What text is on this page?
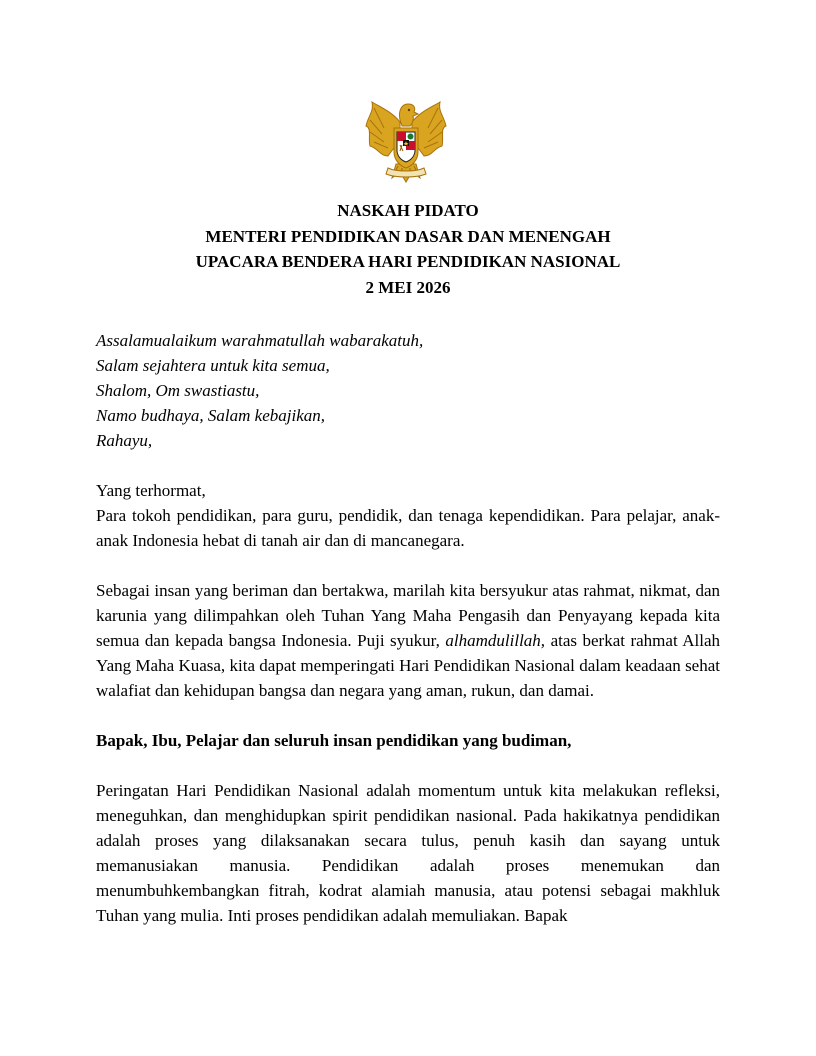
NASKAH PIDATO
MENTERI PENDIDIKAN DASAR DAN MENENGAH
UPACARA BENDERA HARI PENDIDIKAN NASIONAL
2 MEI 2026

Assalamualaikum warahmatullah wabarakatuh,

Salam sejahtera untuk kita semua,

Shalom, Om swastiastu,

Namo budhaya, Salam kebajikan,

Rahayu,

Yang terhormat,

Para tokoh pendidikan, para guru, pendidik, dan tenaga kependidikan. Para pelajar, anak-anak Indonesia hebat di tanah air dan di mancanegara.

Sebagai insan yang beriman dan bertakwa, marilah kita bersyukur atas rahmat, nikmat, dan karunia yang dilimpahkan oleh Tuhan Yang Maha Pengasih dan Penyayang kepada kita semua dan kepada bangsa Indonesia. Puji syukur, alhamdulillah, atas berkat rahmat Allah Yang Maha Kuasa, kita dapat memperingati Hari Pendidikan Nasional dalam keadaan sehat walafiat dan kehidupan bangsa dan negara yang aman, rukun, dan damai.

Bapak, Ibu, Pelajar dan seluruh insan pendidikan yang budiman,

Peringatan Hari Pendidikan Nasional adalah momentum untuk kita melakukan refleksi, meneguhkan, dan menghidupkan spirit pendidikan nasional. Pada hakikatnya pendidikan adalah proses yang dilaksanakan secara tulus, penuh kasih dan sayang untuk memanusiakan manusia. Pendidikan adalah proses menemukan dan menumbuhkembangkan fitrah, kodrat alamiah manusia, atau potensi sebagai makhluk Tuhan yang mulia. Inti proses pendidikan adalah memuliakan. Bapak
